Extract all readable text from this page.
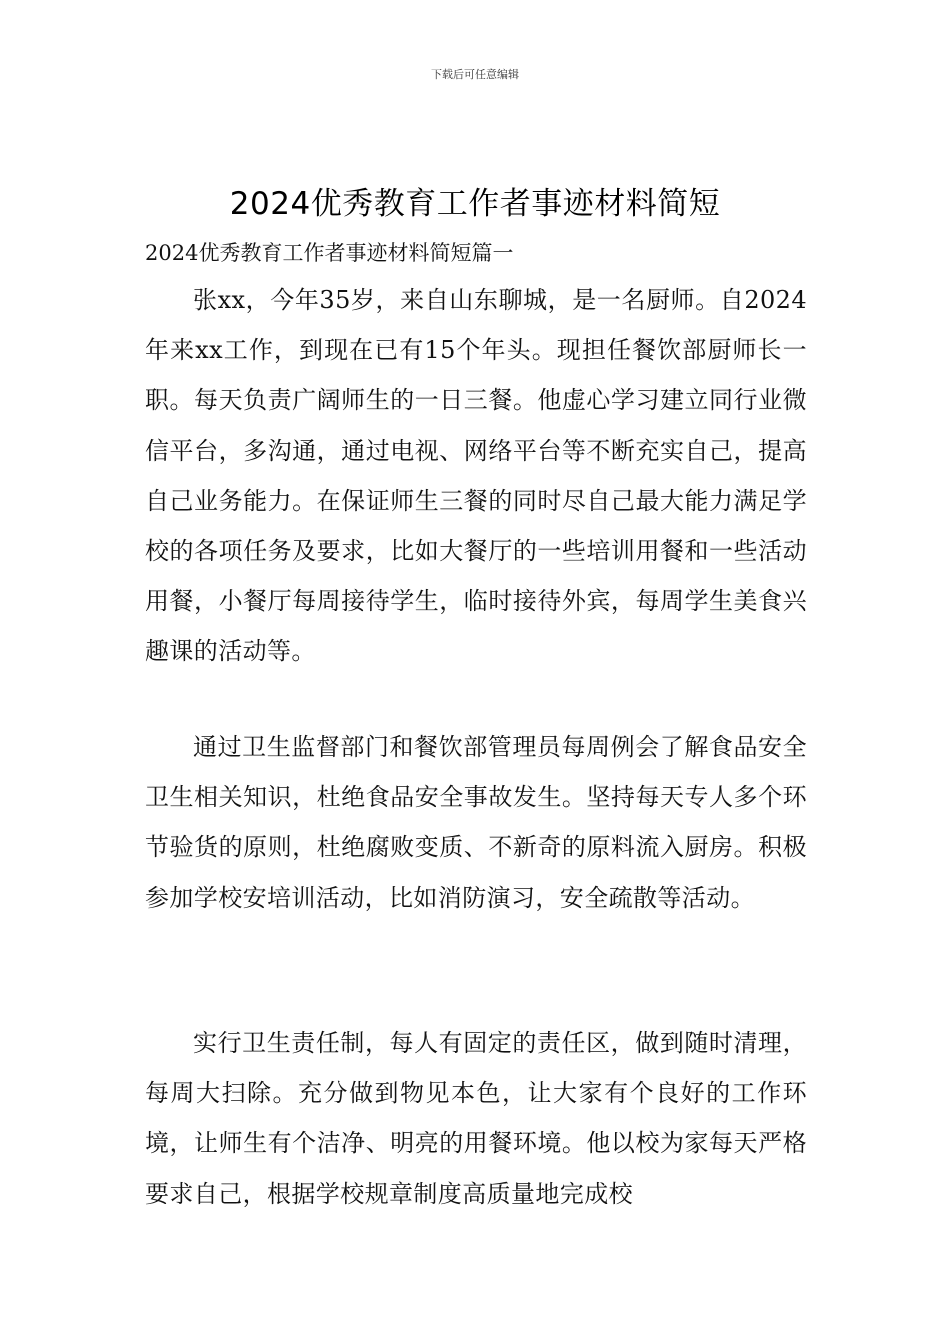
下载后可任意编辑
2024优秀教育工作者事迹材料简短
2024优秀教育工作者事迹材料简短篇一

张xx，今年35岁，来自山东聊城，是一名厨师。自2024年来xx工作，到现在已有15个年头。现担任餐饮部厨师长一职。每天负责广阔师生的一日三餐。他虚心学习建立同行业微信平台，多沟通，通过电视、网络平台等不断充实自己，提高自己业务能力。在保证师生三餐的同时尽自己最大能力满足学校的各项任务及要求，比如大餐厅的一些培训用餐和一些活动用餐，小餐厅每周接待学生，临时接待外宾，每周学生美食兴趣课的活动等。

通过卫生监督部门和餐饮部管理员每周例会了解食品安全卫生相关知识，杜绝食品安全事故发生。坚持每天专人多个环节验货的原则，杜绝腐败变质、不新奇的原料流入厨房。积极参加学校安培训活动，比如消防演习，安全疏散等活动。

实行卫生责任制，每人有固定的责任区，做到随时清理，每周大扫除。充分做到物见本色，让大家有个良好的工作环境，让师生有个洁净、明亮的用餐环境。他以校为家每天严格要求自己，根据学校规章制度高质量地完成校
